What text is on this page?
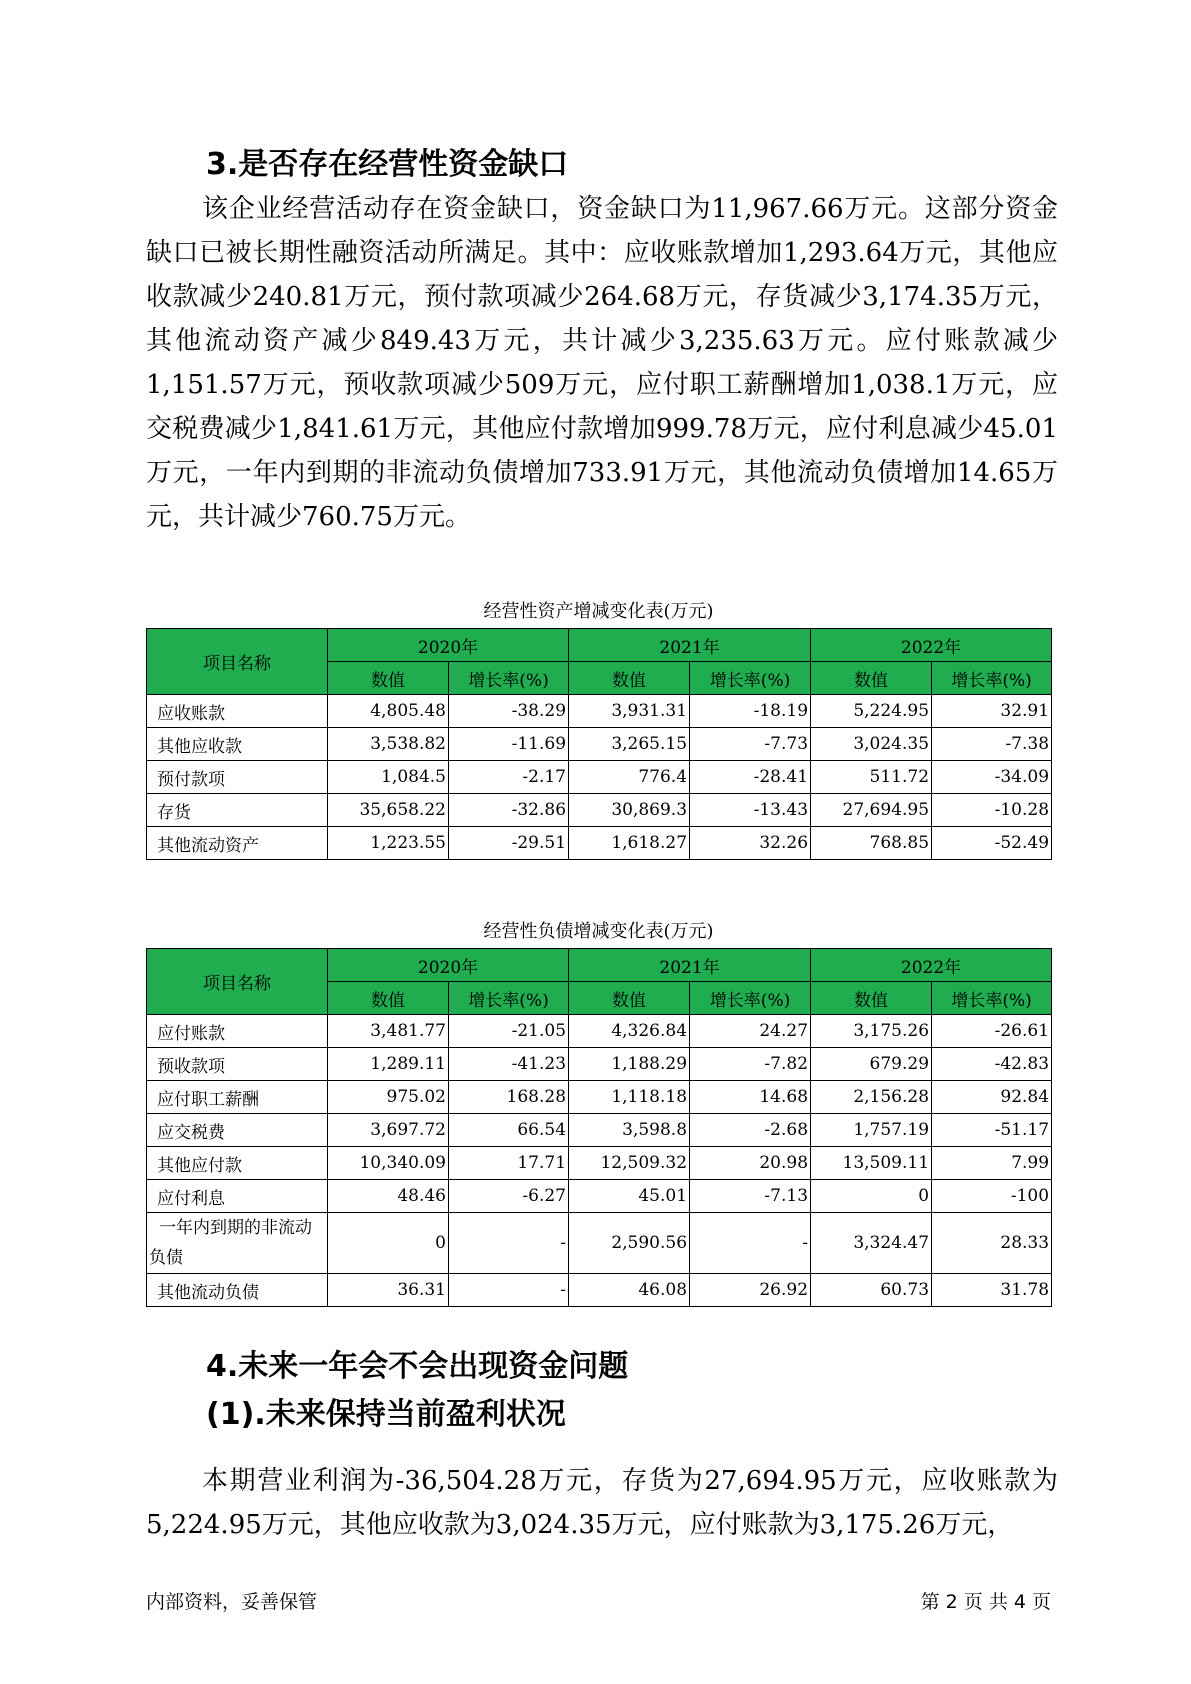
3.是否存在经营性资金缺口

该企业经营活动存在资金缺口，资金缺口为11,967.66万元。这部分资金缺口已被长期性融资活动所满足。其中：应收账款增加1,293.64万元，其他应收款减少240.81万元，预付款项减少264.68万元，存货减少3,174.35万元，其他流动资产减少849.43万元，共计减少3,235.63万元。应付账款减少1,151.57万元，预收款项减少509万元，应付职工薪酬增加1,038.1万元，应交税费减少1,841.61万元，其他应付款增加999.78万元，应付利息减少45.01万元，一年内到期的非流动负债增加733.91万元，其他流动负债增加14.65万元，共计减少760.75万元。

经营性资产增减变化表(万元)

项目名称	2020年		2021年		2022年	
	数值	增长率(%)	数值	增长率(%)	数值	增长率(%)
应收账款	4,805.48	-38.29	3,931.31	-18.19	5,224.95	32.91
其他应收款	3,538.82	-11.69	3,265.15	-7.73	3,024.35	-7.38
预付款项	1,084.5	-2.17	776.4	-28.41	511.72	-34.09
存货	35,658.22	-32.86	30,869.3	-13.43	27,694.95	-10.28
其他流动资产	1,223.55	-29.51	1,618.27	32.26	768.85	-52.49

经营性负债增减变化表(万元)

项目名称	2020年		2021年		2022年	
	数值	增长率(%)	数值	增长率(%)	数值	增长率(%)
应付账款	3,481.77	-21.05	4,326.84	24.27	3,175.26	-26.61
预收款项	1,289.11	-41.23	1,188.29	-7.82	679.29	-42.83
应付职工薪酬	975.02	168.28	1,118.18	14.68	2,156.28	92.84
应交税费	3,697.72	66.54	3,598.8	-2.68	1,757.19	-51.17
其他应付款	10,340.09	17.71	12,509.32	20.98	13,509.11	7.99
应付利息	48.46	-6.27	45.01	-7.13	0	-100
一年内到期的非流动负债	0	-	2,590.56	-	3,324.47	28.33
其他流动负债	36.31	-	46.08	26.92	60.73	31.78
4.未来一年会不会出现资金问题
(1).未来保持当前盈利状况

本期营业利润为-36,504.28万元，存货为27,694.95万元，应收账款为5,224.95万元，其他应收款为3,024.35万元，应付账款为3,175.26万元，

内部资料，妥善保管	第 2 页 共 4 页
